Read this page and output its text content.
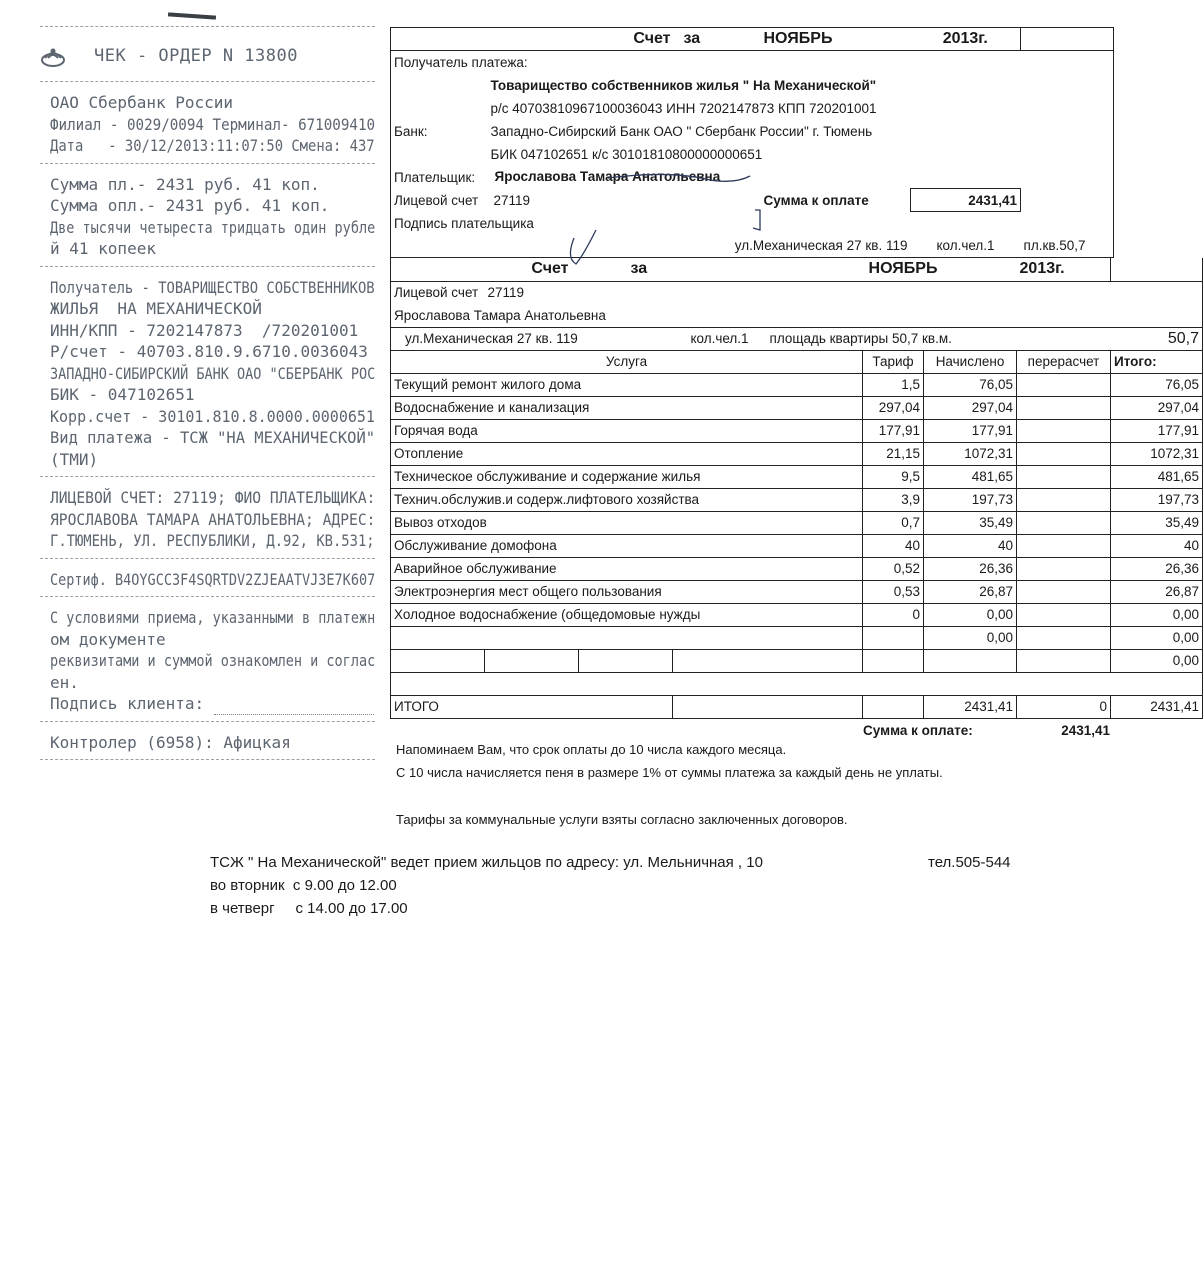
ЧЕК - ОРДЕР N 13800
ОАО Сбербанк России
Филиал - 0029/0094 Терминал- 671009410
Дата   - 30/12/2013:11:07:50 Смена: 437
Сумма пл.- 2431 руб. 41 коп.
Сумма опл.- 2431 руб. 41 коп.
Две тысячи четыреста тридцать один рубле
й 41 копеек
Получатель - ТОВАРИЩЕСТВО СОБСТВЕННИКОВ
ЖИЛЬЯ  НА МЕХАНИЧЕСКОЙ
ИНН/КПП - 7202147873  /720201001
Р/счет - 40703.810.9.6710.0036043
ЗАПАДНО-СИБИРСКИЙ БАНК ОАО "СБЕРБАНК РОС
БИК - 047102651
Корр.счет - 30101.810.8.0000.0000651
Вид платежа - ТСЖ "НА МЕХАНИЧЕСКОЙ"
(ТМИ)
ЛИЦЕВОЙ СЧЕТ: 27119; ФИО ПЛАТЕЛЬЩИКА:
ЯРОСЛАВОВА ТАМАРА АНАТОЛЬЕВНА; АДРЕС:
Г.ТЮМЕНЬ, УЛ. РЕСПУБЛИКИ, Д.92, КВ.531;
Сертиф. B4OYGCC3F4SQRTDV2ZJEAATVJ3E7K607
С условиями приема, указанными в платежн
ом документе
реквизитами и суммой ознакомлен и соглас
ен.
Подпись клиента:
Контролер (6958): Афицкая
Счет		за	НОЯБРЬ	2013г.	
Получатель платежа:					
	Товарищество собственников жилья " На Механической"				
	р/с 40703810967100036043 ИНН 7202147873 КПП 720201001				
Банк:	Западно-Сибирский Банк ОАО " Сбербанк России" г. Тюмень				
	БИК 047102651 к/с 30101810800000000651				
Плательщик:	Ярославова Тамара Анатольевна				
Лицевой счет	27119		Сумма к оплате	2431,41	
Подпись плательщика					
		ул.Механическая 27 кв. 119		кол.чел.1	пл.кв.50,7
Счет		за			НОЯБРЬ		2013г.	
Лицевой счет	27119							
Ярославова Тамара Анатольевна								
ул.Механическая 27 кв. 119			кол.чел.1	площадь квартиры 50,7 кв.м.				50,7
Услуга					Тариф	Начислено	перерасчет	Итого:
Текущий ремонт жилого дома					1,5	76,05		76,05
Водоснабжение и канализация					297,04	297,04		297,04
Горячая вода					177,91	177,91		177,91
Отопление					21,15	1072,31		1072,31
Техническое обслуживание и содержание жилья					9,5	481,65		481,65
Технич.обслужив.и содерж.лифтового хозяйства					3,9	197,73		197,73
Вывоз отходов					0,7	35,49		35,49
Обслуживание домофона					40	40		40
Аварийное обслуживание					0,52	26,36		26,36
Электроэнергия мест общего пользования					0,53	26,87		26,87
Холодное водоснабжение (общедомовые нужды					0	0,00		0,00
						0,00		0,00
								0,00

ИТОГО						2431,41	0	2431,41
	Сумма к оплате:	2431,41
Напоминаем Вам, что срок оплаты до 10 числа каждого месяца.
С 10 числа начисляется пеня в размере 1% от суммы платежа за каждый день не уплаты.
Тарифы за коммунальные услуги взяты согласно заключенных договоров.
ТСЖ " На Механической" ведет прием жильцов по адресу: ул. Мельничная , 10	тел.505-544
во вторник  с 9.00 до 12.00
в четверг     с 14.00 до 17.00
